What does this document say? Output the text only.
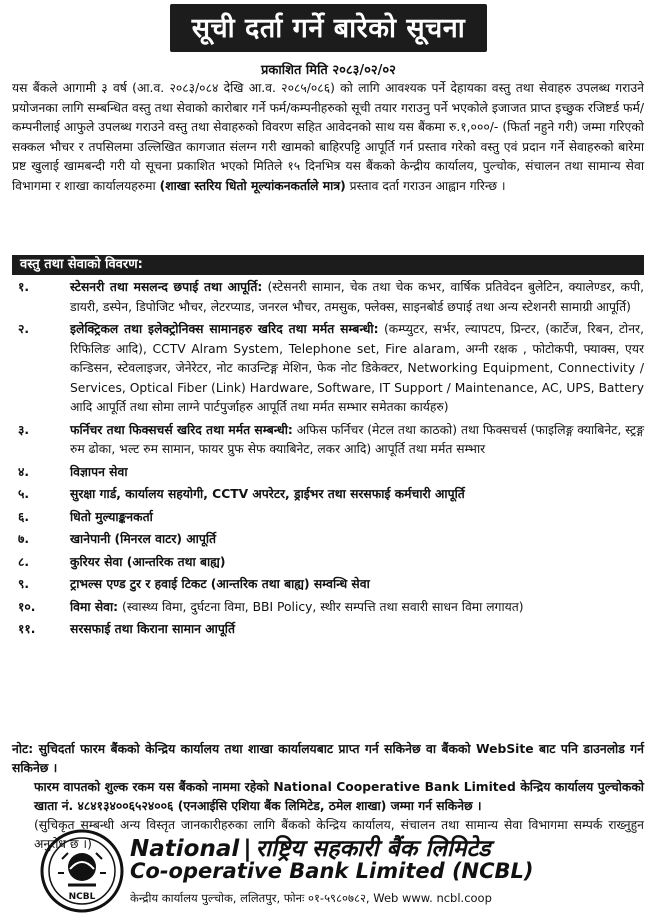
सूची दर्ता गर्ने बारेको सूचना
प्रकाशित मिति २०८३/०२/०२
यस बैंकले आगामी ३ वर्ष (आ.व. २०८३/०८४ देखि आ.व. २०८५/०८६) को लागि आवश्यक पर्ने देहायका वस्तु तथा सेवाहरु उपलब्ध गराउने प्रयोजनका लागि सम्बन्धित वस्तु तथा सेवाको कारोबार गर्ने फर्म/कम्पनीहरुको सूची तयार गराउनु पर्ने भएकोले इजाजत प्राप्त इच्छुक रजिष्टर्ड फर्म/कम्पनीलाई आफुले उपलब्ध गराउने वस्तु तथा सेवाहरुको विवरण सहित आवेदनको साथ यस बैंकमा रु.१,०००/- (फिर्ता नहुने गरी) जम्मा गरिएको सक्कल भौचर र तपसिलमा उल्लिखित कागजात संलग्न गरी खामको बाहिरपट्टि आपूर्ति गर्न प्रस्ताव गरेको वस्तु एवं प्रदान गर्ने सेवाहरुको बारेमा प्रष्ट खुलाई खामबन्दी गरी यो सूचना प्रकाशित भएको मितिले १५ दिनभित्र यस बैंकको केन्द्रीय कार्यालय, पुल्चोक, संचालन तथा सामान्य सेवा विभागमा र शाखा कार्यालयहरुमा (शाखा स्तरिय धितो मूल्यांकनकर्ताले मात्र) प्रस्ताव दर्ता गराउन आह्वान गरिन्छ ।
वस्तु तथा सेवाको विवरण:
१.	स्टेसनरी तथा मसलन्द छपाई तथा आपूर्ति: (स्टेसनरी सामान, चेक तथा चेक कभर, वार्षिक प्रतिवेदन बुलेटिन, क्यालेण्डर, कपी, डायरी, डस्पेन, डिपोजिट भौचर, लेटरप्याड, जनरल भौचर, तमसुक, फ्लेक्स, साइनबोर्ड छपाई तथा अन्य स्टेशनरी सामाग्री आपूर्ति)
२.	इलेक्ट्रिकल तथा इलेक्ट्रोनिक्स सामानहरु खरिद तथा मर्मत सम्बन्धी: (कम्प्युटर, सर्भर, ल्यापटप, प्रिन्टर, (कार्टेज, रिबन, टोनर, रिफिलिङ आदि), CCTV Alram System, Telephone set, Fire alaram, अग्नी रक्षक , फोटोकपी, फ्याक्स, एयर कन्डिसन, स्टेवलाइजर, जेनेरेटर, नोट काउन्टिङ्ग मेशिन, फेक नोट डिकेक्टर, Networking Equipment, Connectivity / Services, Optical Fiber (Link) Hardware, Software, IT Support / Maintenance, AC, UPS, Battery आदि आपूर्ति तथा सोमा लाग्ने पार्टपुर्जाहरु आपूर्ति तथा मर्मत सम्भार समेतका कार्यहरु)
३.	फर्निचर तथा फिक्सचर्स खरिद तथा मर्मत सम्बन्धी: अफिस फर्निचर (मेटल तथा काठको) तथा फिक्सचर्स (फाइलिङ्ग क्याबिनेट, स्ट्रङ्ग रुम ढोका, भल्ट रुम सामान, फायर प्रुफ सेफ क्याबिनेट, लकर आदि) आपूर्ति तथा मर्मत सम्भार
४.	विज्ञापन सेवा
५.	सुरक्षा गार्ड, कार्यालय सहयोगी, CCTV अपरेटर, ड्राईभर तथा सरसफाई कर्मचारी आपूर्ति
६.	धितो मुल्याङ्कनकर्ता
७.	खानेपानी (मिनरल वाटर) आपूर्ति
८.	कुरियर सेवा (आन्तरिक तथा बाह्य)
९.	ट्राभल्स एण्ड टुर र हवाई टिकट (आन्तरिक तथा बाह्य) सम्वन्धि सेवा
१०.	विमा सेवा: (स्वास्थ्य विमा, दुर्घटना विमा, BBI Policy, स्थीर सम्पत्ति तथा सवारी साधन विमा लगायत)
११.	सरसफाई तथा किराना सामान आपूर्ति
नोट: सुचिदर्ता फारम बैंकको केन्द्रिय कार्यालय तथा शाखा कार्यालयबाट प्राप्त गर्न सकिनेछ वा बैंकको WebSite बाट पनि डाउनलोड गर्न सकिनेछ ।
फारम वापतको शुल्क रकम यस बैंकको नाममा रहेको National Cooperative Bank Limited केन्द्रिय कार्यालय पुल्चोकको खाता नं. ४८४१३४००६५२४००६ (एनआईसि एशिया बैंक लिमिटेड, ठमेल शाखा) जम्मा गर्न सकिनेछ ।
(सुचिकृत सम्बन्धी अन्य विस्तृत जानकारीहरुका लागि बैंकको केन्द्रिय कार्यालय, संचालन तथा सामान्य सेवा विभागमा सम्पर्क राख्नुहुन अनुरोध छ ।)
NCBL
National | राष्ट्रिय सहकारी बैंक लिमिटेड
Co-operative Bank Limited (NCBL)
केन्द्रीय कार्यालय पुल्चोक, ललितपुर, फोनः ०१-५९८०७८२, Web www. ncbl.coop
